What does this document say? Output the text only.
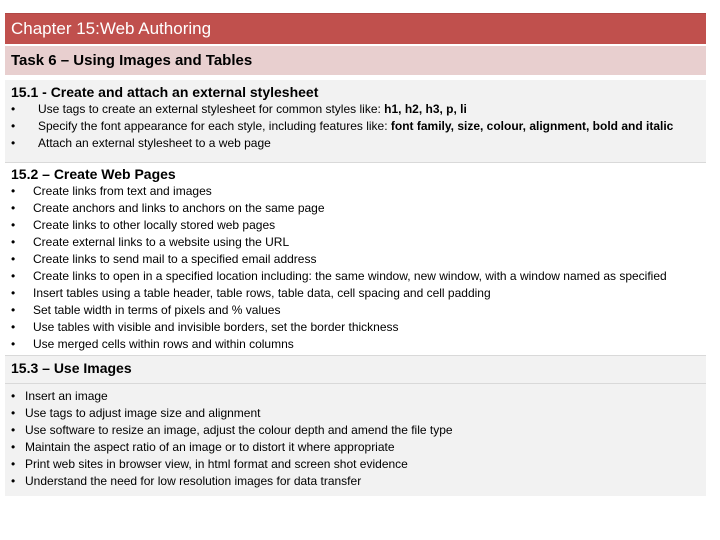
Chapter 15:Web Authoring
Task 6 – Using Images and Tables
15.1 - Create and attach an external stylesheet
• Use tags to create an external stylesheet for common styles like: h1, h2, h3, p, li
• Specify the font appearance for each style, including features like: font family, size, colour, alignment, bold and italic
• Attach an external stylesheet to a web page
15.2 – Create Web Pages
• Create links from text and images
• Create anchors and links to anchors on the same page
• Create links to other locally stored web pages
• Create external links to a website using the URL
• Create links to send mail to a specified email address
• Create links to open in a specified location including: the same window, new window, with a window named as specified
• Insert tables using a table header, table rows, table data, cell spacing and cell padding
• Set table width in terms of pixels and % values
• Use tables with visible and invisible borders, set the border thickness
• Use merged cells within rows and within columns
15.3 – Use Images
• Insert an image
• Use tags to adjust image size and alignment
• Use software to resize an image, adjust the colour depth and amend the file type
• Maintain the aspect ratio of an image or to distort it where appropriate
• Print web sites in browser view, in html format and screen shot evidence
• Understand the need for low resolution images for data transfer
